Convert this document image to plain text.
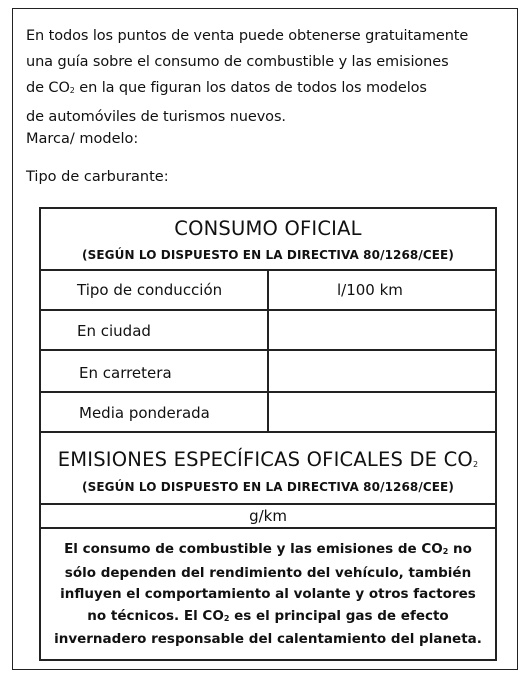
En todos los puntos de venta puede obtenerse gratuitamente
una guía sobre el consumo de combustible y las emisiones
de $CO_2$ en la que figuran los datos de todos los modelos
de automóviles de turismos nuevos.
Marca/ modelo:
Tipo de carburante:
CONSUMO OFICIAL
(SEGÚN LO DISPUESTO EN LA DIRECTIVA 80/1268/CEE)
Tipo de conducción	l/100 km
En ciudad
En carretera
Media ponderada
EMISIONES ESPECÍFICAS OFICALES DE $CO_2$
(SEGÚN LO DISPUESTO EN LA DIRECTIVA 80/1268/CEE)
g/km
El consumo de combustible y las emisiones de $CO_2$ no
sólo dependen del rendimiento del vehículo, también
influyen el comportamiento al volante y otros factores
no técnicos. El $CO_2$ es el principal gas de efecto
invernadero responsable del calentamiento del planeta.
